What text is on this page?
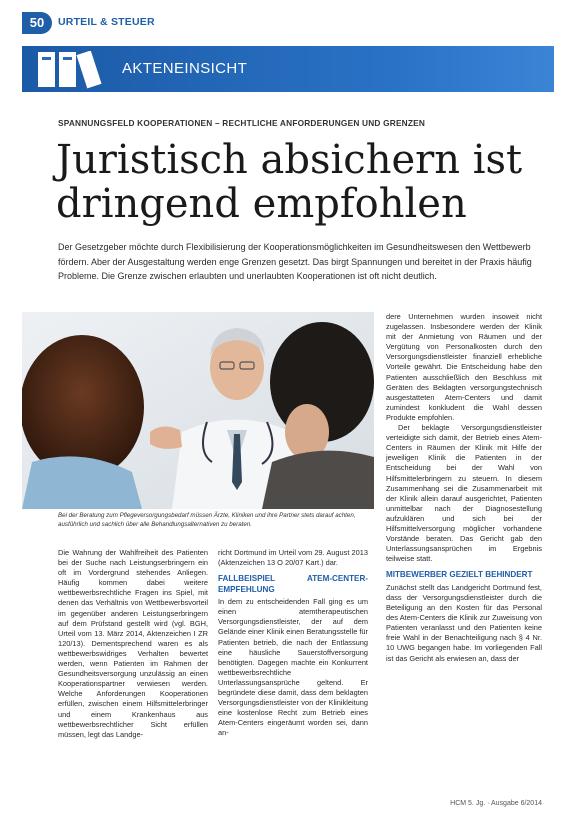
50	URTEIL & STEUER
AKTENEINSICHT
SPANNUNGSFELD KOOPERATIONEN – RECHTLICHE ANFORDERUNGEN UND GRENZEN
Juristisch absichern ist
dringend empfohlen

Der Gesetzgeber möchte durch Flexibilisierung der Kooperationsmöglichkeiten im Gesundheitswesen den Wettbewerb fördern. Aber der Ausgestaltung werden enge Grenzen gesetzt. Das birgt Spannungen und bereitet in der Praxis häufig Probleme. Die Grenze zwischen erlaubten und unerlaubten Kooperationen ist oft nicht deutlich.

Bei der Beratung zum Pflegeversorgungsbedarf müssen Ärzte, Kliniken und ihre Partner stets darauf achten, ausführlich und sachlich über alle Behandlungsalternativen zu beraten.

Die Wahrung der Wahlfreiheit des Patienten bei der Suche nach Leistungserbringern ein oft im Vordergrund stehendes Anliegen. Häufig kommen dabei weitere wettbewerbsrechtliche Fragen ins Spiel, mit denen das Verhältnis von Wettbewerbsvorteil im gegenüber anderen Leistungserbringern auf dem Prüfstand gestellt wird (vgl. BGH, Urteil vom 13. März 2014, Aktenzeichen I ZR 120/13). Dementsprechend waren es als wettbewerbswidriges Verhalten bewertet werden, wenn Patienten im Rahmen der Gesundheitsversorgung unzulässig an einen Kooperationspartner verwiesen werden. Welche Anforderungen Kooperationen erfüllen, zwischen einem Hilfsmittelerbringer und einem Krankenhaus aus wettbewerbsrechtlicher Sicht erfüllen müssen, legt das Landge-

richt Dortmund im Urteil vom 29. August 2013 (Aktenzeichen 13 O 20/07 Kart.) dar.

FALLBEISPIEL ATEM-CENTER-EMPFEHLUNG

In dem zu entscheidenden Fall ging es um einen atemtherapeutischen Versorgungsdienstleister, der auf dem Gelände einer Klinik einen Beratungsstelle für Patienten betrieb, die nach der Entlassung eine häusliche Sauerstoffversorgung benötigten. Dagegen machte ein Konkurrent wettbewerbsrechtliche Unterlassungsansprüche geltend. Er begründete diese damit, dass dem beklagten Versorgungsdienstleister von der Klinikleitung eine kostenlose Recht zum Betrieb eines Atem-Centers eingeräumt worden sei, dann an-

dere Unternehmen wurden insoweit nicht zugelassen. Insbesondere werden der Klinik mit der Anmietung von Räumen und der Vergütung von Personalkosten durch den Versorgungsdienstleister finanziell erhebliche Vorteile gewährt. Die Entscheidung habe den Patienten ausschließlich den Beschluss mit Geräten des Beklagten versorgungstechnisch ausgestatteten Atem-Centers und damit zumindest konkludent die Wahl dessen Produkte empfohlen.

Der beklagte Versorgungsdienstleister verteidigte sich damit, der Betrieb eines Atem-Centers in Räumen der Klinik mit Hilfe der jeweiligen Klinik die Patienten in der Entscheidung bei der Wahl von Hilfsmittelerbringern zu steuern. In diesem Zusammenhang sei die Zusammenarbeit mit der Klinik allein darauf ausgerichtet, Patienten unmittelbar nach der Diagnosestellung aufzuklären und sich bei der Hilfsmittelversorgung möglicher vorhandene Vorstände beraten. Das Gericht gab den Unterlassungsansprüchen im Ergebnis teilweise statt.

MITBEWERBER GEZIELT BEHINDERT

Zunächst stellt das Landgericht Dortmund fest, dass der Versorgungsdienstleister durch die Beteiligung an den Kosten für das Personal des Atem-Centers die Klinik zur Zuweisung von Patienten veranlasst und den Patienten keine freie Wahl in der Benachteiligung nach § 4 Nr. 10 UWG begangen habe. Im vorliegenden Fall ist das Gericht als erwiesen an, dass der

HCM 5. Jg. · Ausgabe 6/2014
